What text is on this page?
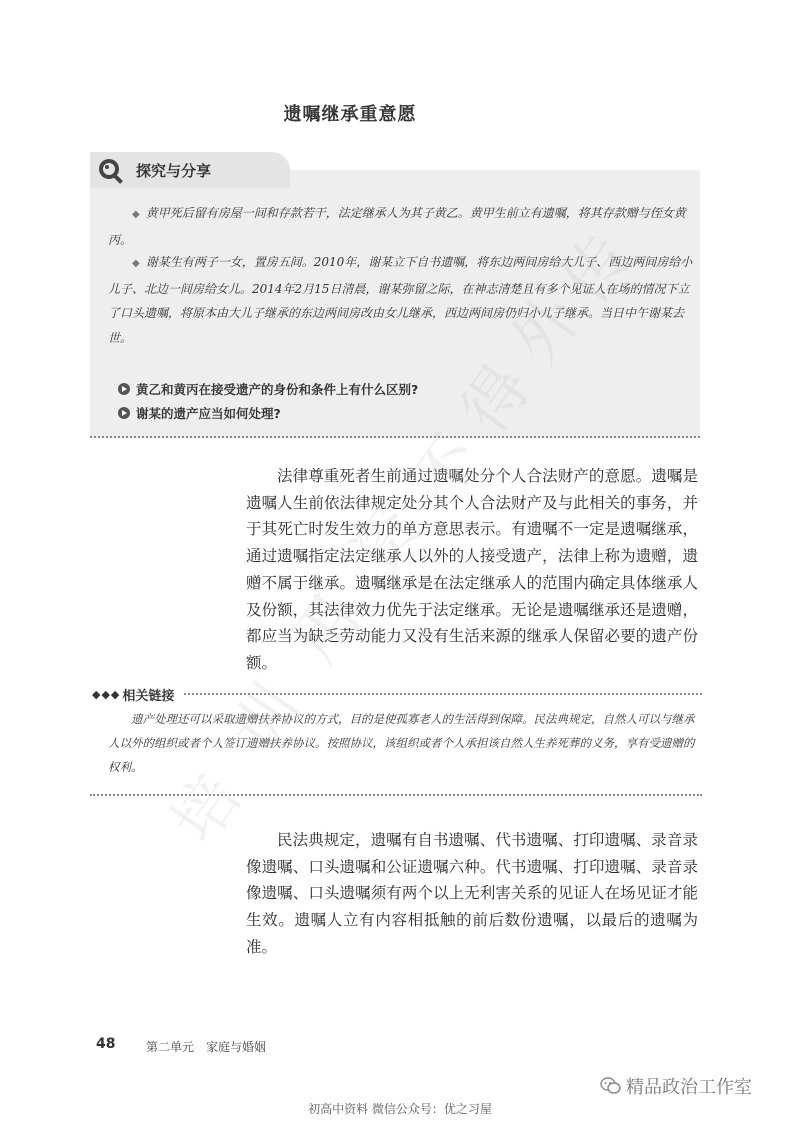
遗嘱继承重意愿
探究与分享
◆ 黄甲死后留有房屋一间和存款若干，法定继承人为其子黄乙。黄甲生前立有遗嘱，将其存款赠与侄女黄丙。
◆ 谢某生有两子一女，置房五间。2010年，谢某立下自书遗嘱，将东边两间房给大儿子、西边两间房给小儿子、北边一间房给女儿。2014年2月15日清晨，谢某弥留之际，在神志清楚且有多个见证人在场的情况下立了口头遗嘱，将原本由大儿子继承的东边两间房改由女儿继承，西边两间房仍归小儿子继承。当日中午谢某去世。
黄乙和黄丙在接受遗产的身份和条件上有什么区别?
谢某的遗产应当如何处理?
法律尊重死者生前通过遗嘱处分个人合法财产的意愿。遗嘱是遗嘱人生前依法律规定处分其个人合法财产及与此相关的事务，并于其死亡时发生效力的单方意思表示。有遗嘱不一定是遗嘱继承，通过遗嘱指定法定继承人以外的人接受遗产，法律上称为遗赠，遗赠不属于继承。遗嘱继承是在法定继承人的范围内确定具体继承人及份额，其法律效力优先于法定继承。无论是遗嘱继承还是遗赠，都应当为缺乏劳动能力又没有生活来源的继承人保留必要的遗产份额。
◆◆◆ 相关链接
遗产处理还可以采取遗赠扶养协议的方式，目的是使孤寡老人的生活得到保障。民法典规定，自然人可以与继承人以外的组织或者个人签订遗赠扶养协议。按照协议，该组织或者个人承担该自然人生养死葬的义务，享有受遗赠的权利。
民法典规定，遗嘱有自书遗嘱、代书遗嘱、打印遗嘱、录音录像遗嘱、口头遗嘱和公证遗嘱六种。代书遗嘱、打印遗嘱、录音录像遗嘱、口头遗嘱须有两个以上无利害关系的见证人在场见证才能生效。遗嘱人立有内容相抵触的前后数份遗嘱，以最后的遗嘱为准。
培
训
用
资
不
48	第二单元　家庭与婚姻
精品政治工作室
初高中资料 微信公众号：优之习屋
